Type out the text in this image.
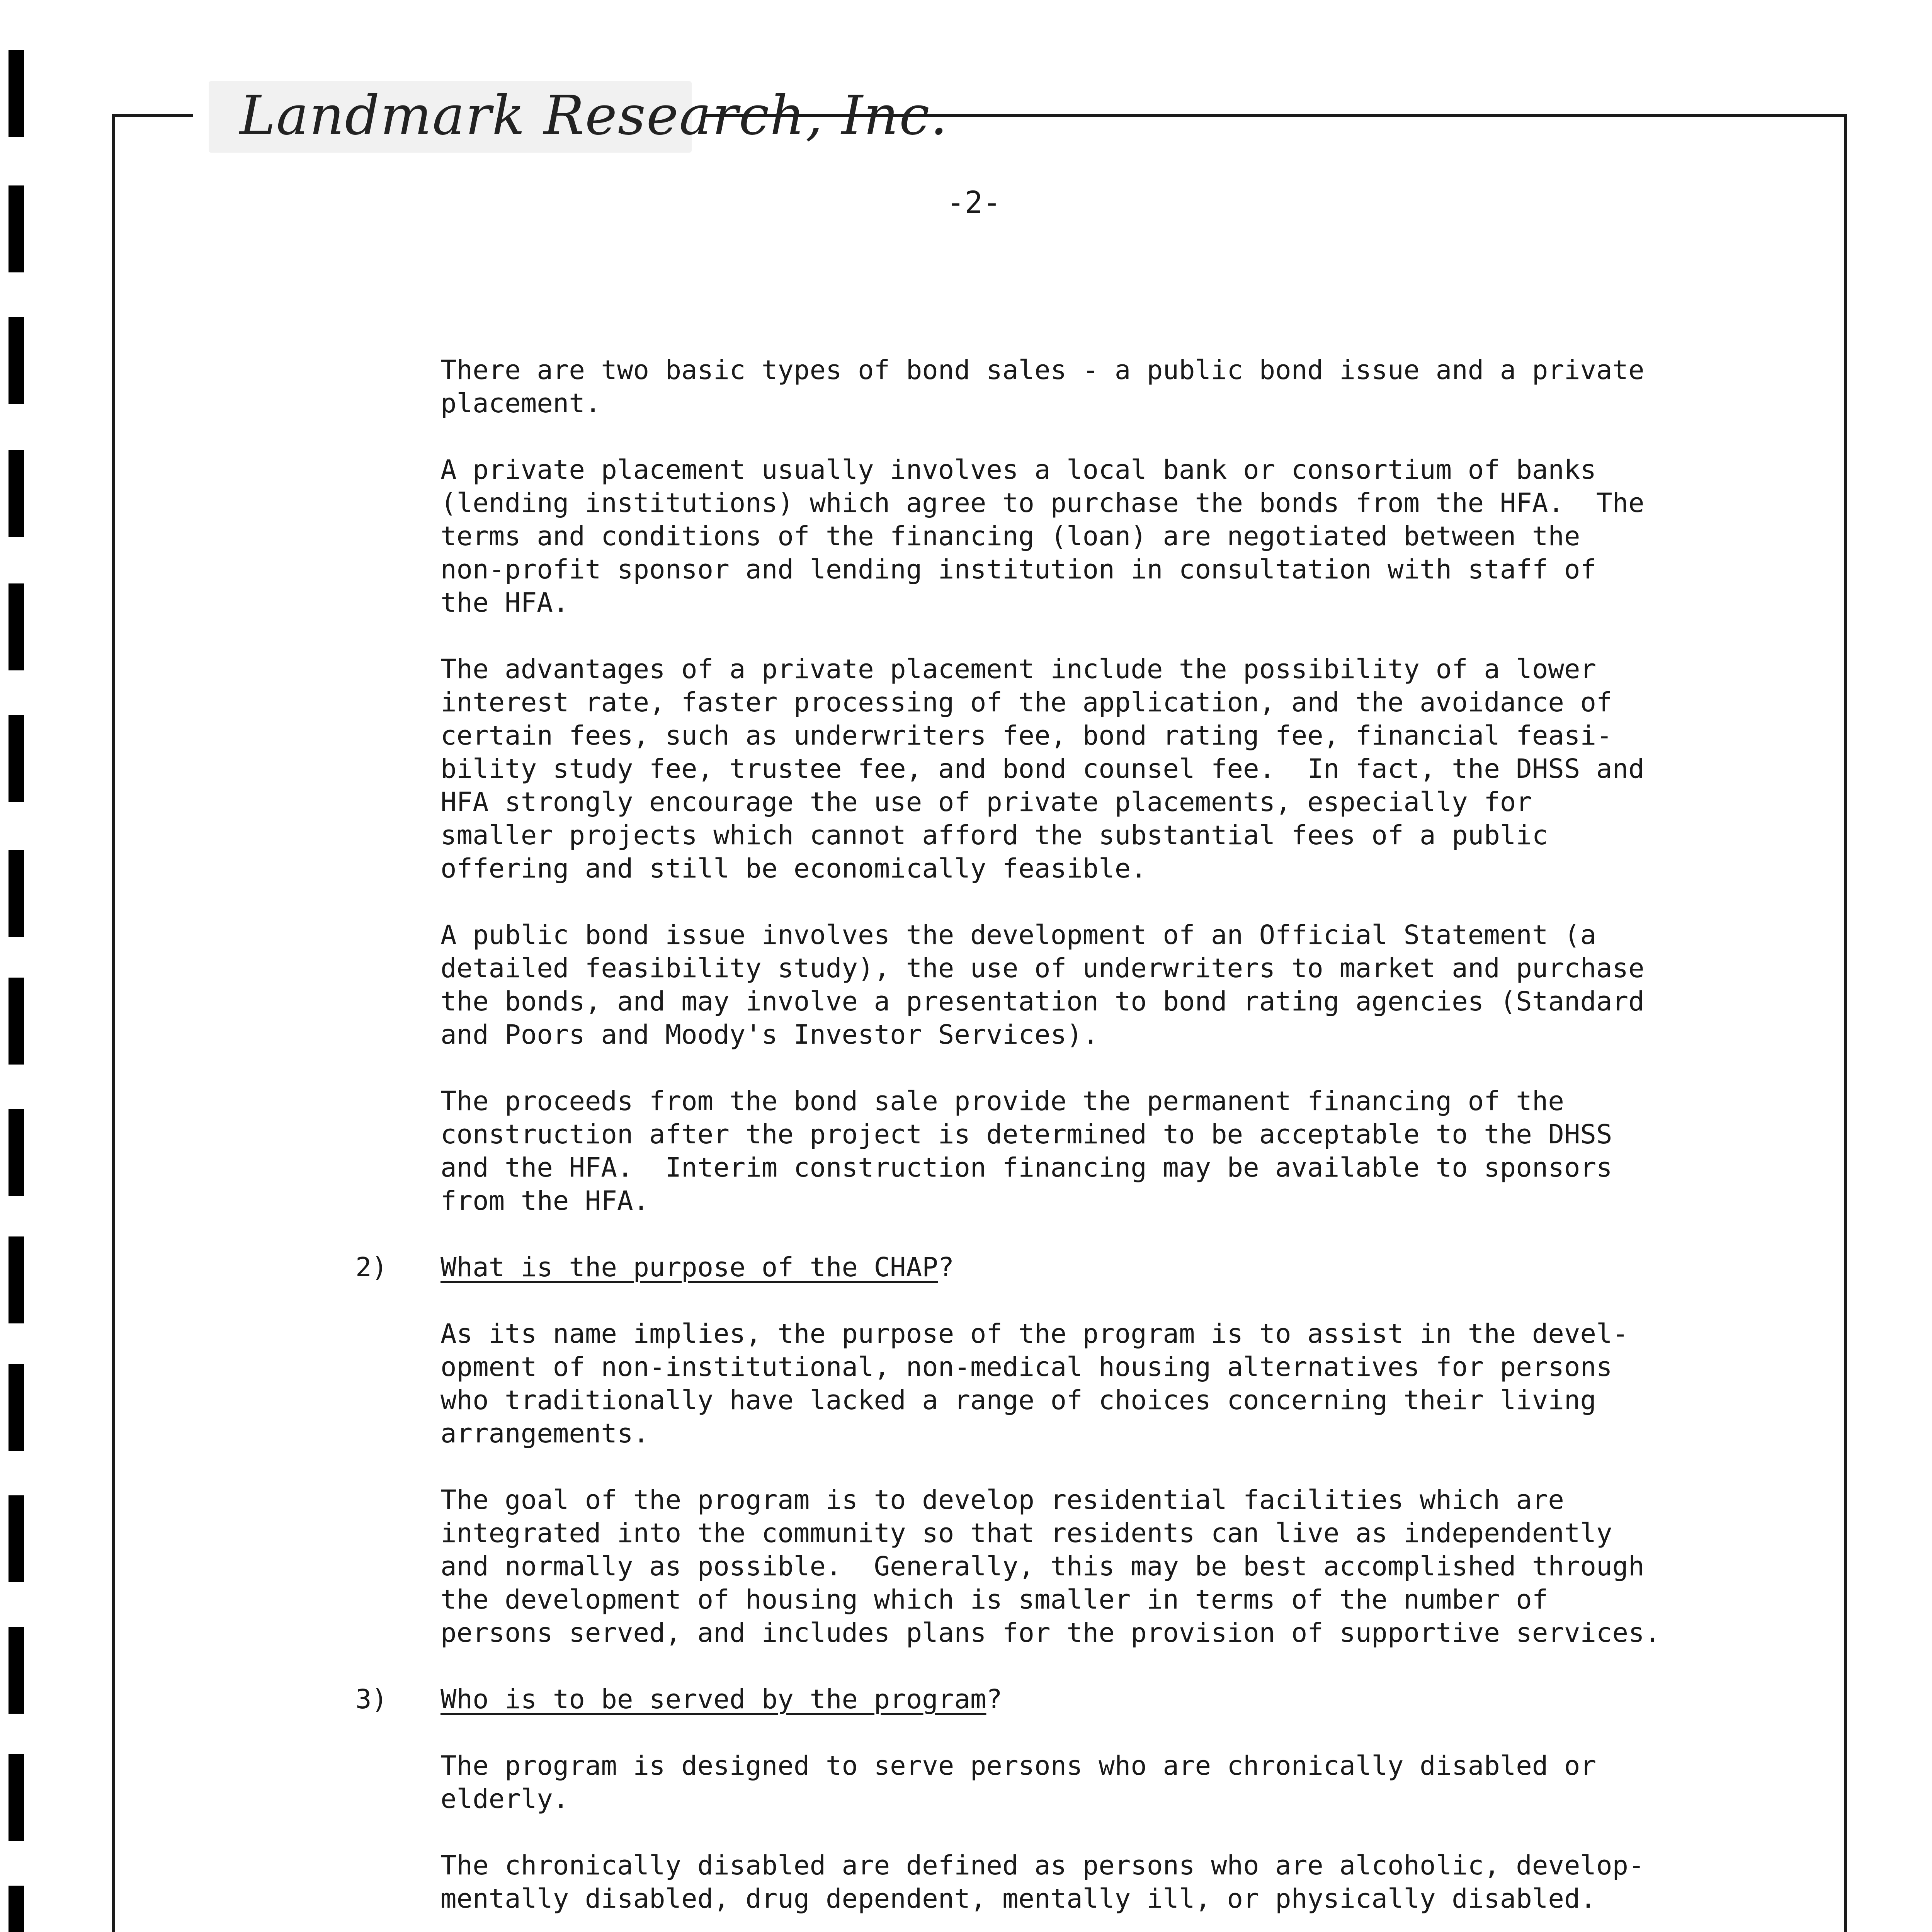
Landmark Research, Inc.
-2-

There are two basic types of bond sales - a public bond issue and a private
placement.

A private placement usually involves a local bank or consortium of banks
(lending institutions) which agree to purchase the bonds from the HFA.  The
terms and conditions of the financing (loan) are negotiated between the
non-profit sponsor and lending institution in consultation with staff of
the HFA.

The advantages of a private placement include the possibility of a lower
interest rate, faster processing of the application, and the avoidance of
certain fees, such as underwriters fee, bond rating fee, financial feasi-
bility study fee, trustee fee, and bond counsel fee.  In fact, the DHSS and
HFA strongly encourage the use of private placements, especially for
smaller projects which cannot afford the substantial fees of a public
offering and still be economically feasible.

A public bond issue involves the development of an Official Statement (a
detailed feasibility study), the use of underwriters to market and purchase
the bonds, and may involve a presentation to bond rating agencies (Standard
and Poors and Moody's Investor Services).

The proceeds from the bond sale provide the permanent financing of the
construction after the project is determined to be acceptable to the DHSS
and the HFA.  Interim construction financing may be available to sponsors
from the HFA.

2) What is the purpose of the CHAP?

As its name implies, the purpose of the program is to assist in the devel-
opment of non-institutional, non-medical housing alternatives for persons
who traditionally have lacked a range of choices concerning their living
arrangements.

The goal of the program is to develop residential facilities which are
integrated into the community so that residents can live as independently
and normally as possible.  Generally, this may be best accomplished through
the development of housing which is smaller in terms of the number of
persons served, and includes plans for the provision of supportive services.

3) Who is to be served by the program?

The program is designed to serve persons who are chronically disabled or
elderly.

The chronically disabled are defined as persons who are alcoholic, develop-
mentally disabled, drug dependent, mentally ill, or physically disabled.
